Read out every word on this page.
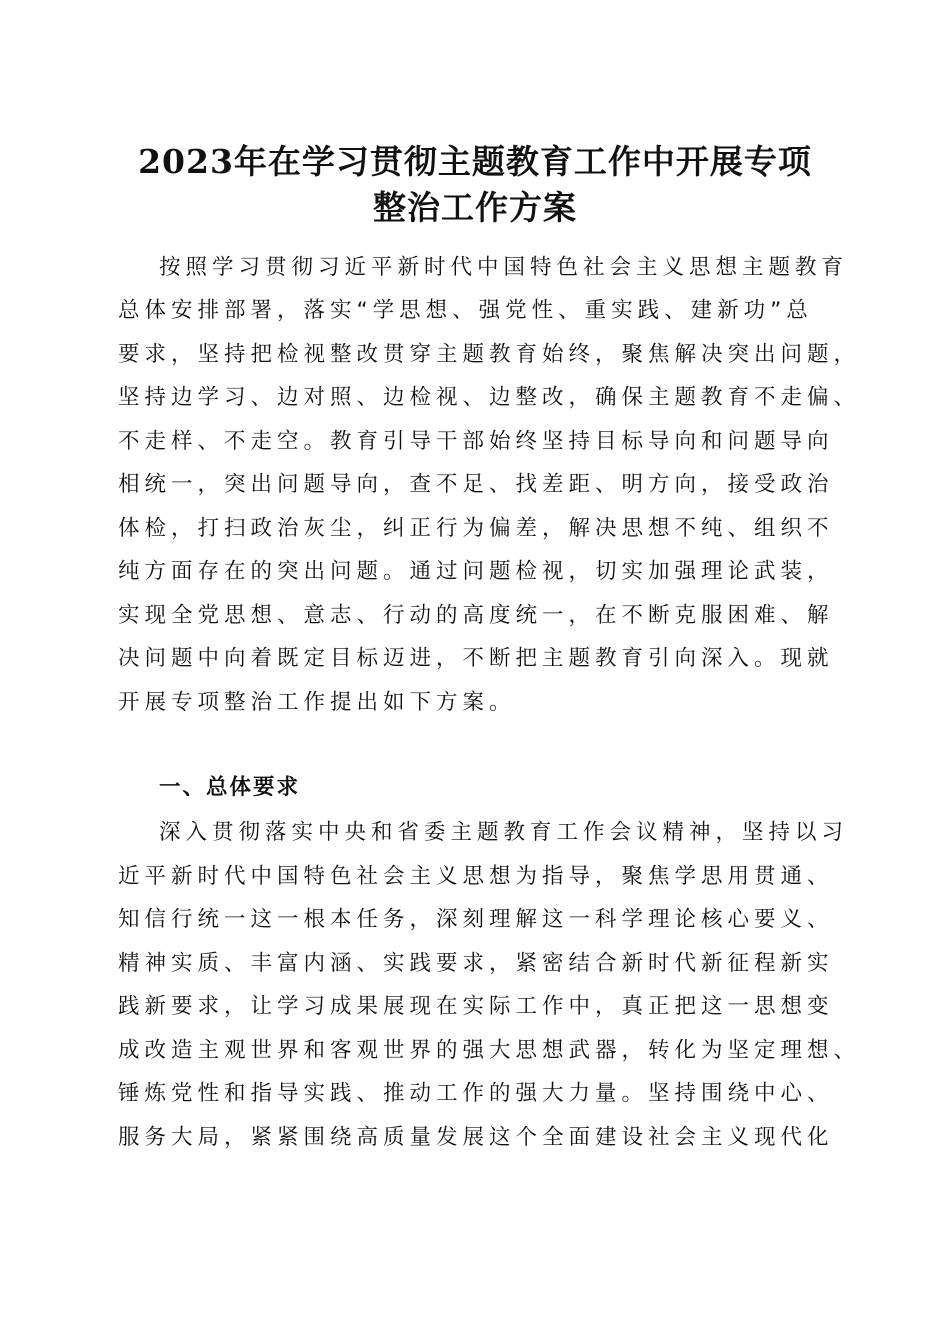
2023年在学习贯彻主题教育工作中开展专项
整治工作方案

按照学习贯彻习近平新时代中国特色社会主义思想主题教育

总体安排部署，落实“学思想、强党性、重实践、建新功”总

要求，坚持把检视整改贯穿主题教育始终，聚焦解决突出问题，

坚持边学习、边对照、边检视、边整改，确保主题教育不走偏、

不走样、不走空。教育引导干部始终坚持目标导向和问题导向

相统一，突出问题导向，查不足、找差距、明方向，接受政治

体检，打扫政治灰尘，纠正行为偏差，解决思想不纯、组织不

纯方面存在的突出问题。通过问题检视，切实加强理论武装，

实现全党思想、意志、行动的高度统一，在不断克服困难、解

决问题中向着既定目标迈进，不断把主题教育引向深入。现就

开展专项整治工作提出如下方案。

一、总体要求

深入贯彻落实中央和省委主题教育工作会议精神，坚持以习

近平新时代中国特色社会主义思想为指导，聚焦学思用贯通、

知信行统一这一根本任务，深刻理解这一科学理论核心要义、

精神实质、丰富内涵、实践要求，紧密结合新时代新征程新实

践新要求，让学习成果展现在实际工作中，真正把这一思想变

成改造主观世界和客观世界的强大思想武器，转化为坚定理想、

锤炼党性和指导实践、推动工作的强大力量。坚持围绕中心、

服务大局，紧紧围绕高质量发展这个全面建设社会主义现代化
